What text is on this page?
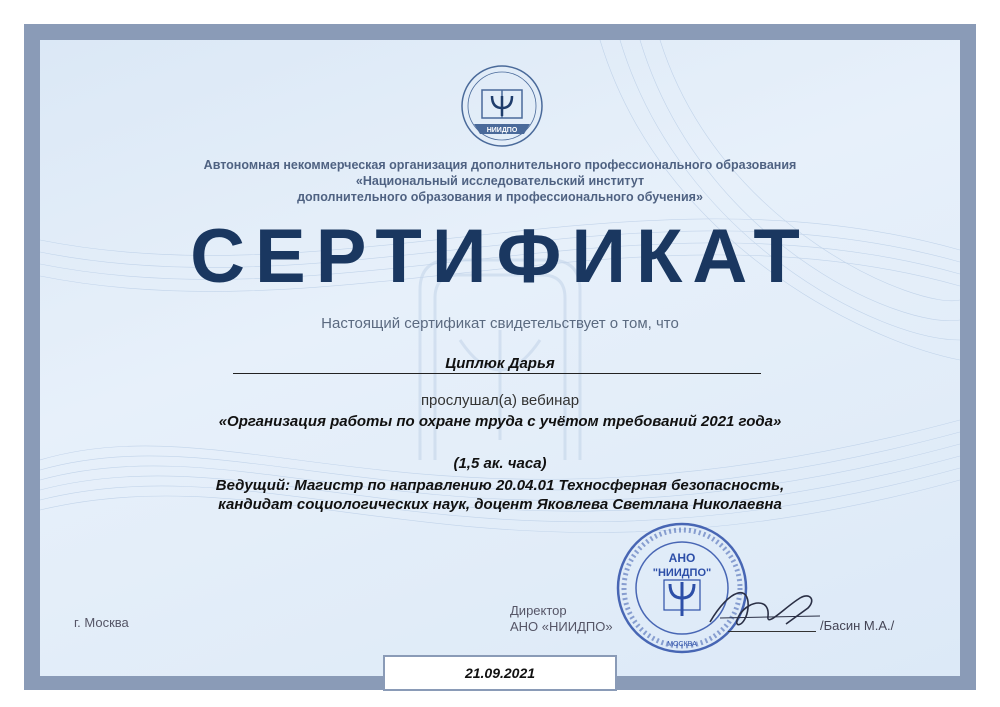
НИИДПО
Автономная некоммерческая организация дополнительного профессионального образования
«Национальный исследовательский институт
дополнительного образования и профессионального обучения»
СЕРТИФИКАТ
Настоящий сертификат свидетельствует о том, что
Циплюк Дарья
прослушал(а) вебинар
«Организация работы по охране труда с учётом требований 2021 года»
(1,5 ак. часа)
Ведущий: Магистр по направлению 20.04.01 Техносферная безопасность, кандидат социологических наук, доцент Яковлева Светлана Николаевна
г. Москва
Директор
АНО «НИИДПО»
АНО
"НИИДПО"
МОСКВА
/Басин М.А./
21.09.2021
